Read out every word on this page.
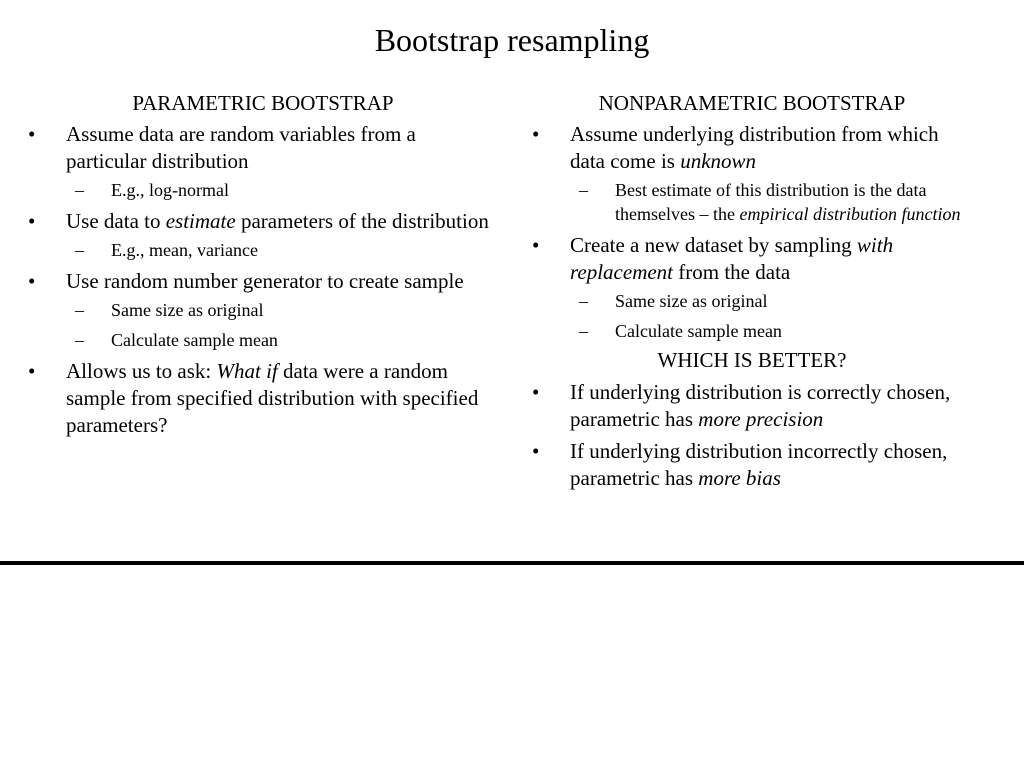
Bootstrap resampling
PARAMETRIC BOOTSTRAP
• Assume data are random variables from a particular distribution
– E.g., log-normal
• Use data to estimate parameters of the distribution
– E.g., mean, variance
• Use random number generator to create sample
– Same size as original
– Calculate sample mean
• Allows us to ask: What if data were a random sample from specified distribution with specified parameters?
NONPARAMETRIC BOOTSTRAP
• Assume underlying distribution from which data come is unknown
– Best estimate of this distribution is the data themselves – the empirical distribution function
• Create a new dataset by sampling with replacement from the data
– Same size as original
– Calculate sample mean
WHICH IS BETTER?
• If underlying distribution is correctly chosen, parametric has more precision
• If underlying distribution incorrectly chosen, parametric has more bias
